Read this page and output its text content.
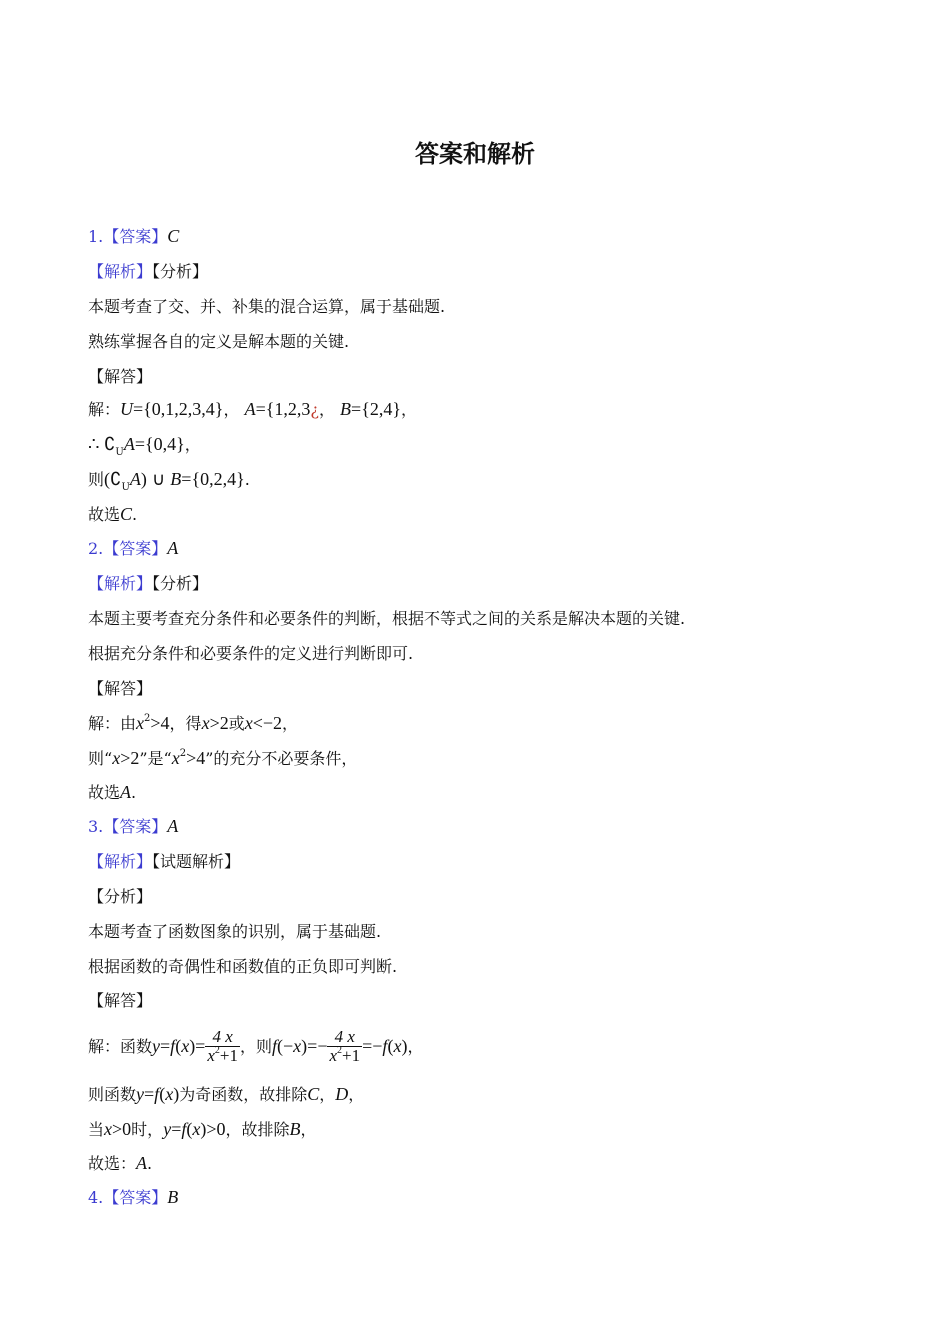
答案和解析
1.【答案】C
【解析】【分析】
本题考查了交、并、补集的混合运算，属于基础题.
熟练掌握各自的定义是解本题的关键.
【解答】
解：U={0,1,2,3,4}， A={1,2,3¿， B={2,4}，
∴ $∁_UA=\{0,4\}$，
则$(∁_UA)$ ∪ B={0,2,4}.
故选C.
2.【答案】A
【解析】【分析】
本题主要考查充分条件和必要条件的判断，根据不等式之间的关系是解决本题的关键.
根据充分条件和必要条件的定义进行判断即可.
【解答】
解：由$x^2>4$，得x>2或x<−2，
则“x>2”是“$x^2>4$”的充分不必要条件，
故选A.
3.【答案】A
【解析】【试题解析】
【分析】
本题考查了函数图象的识别，属于基础题.
根据函数的奇偶性和函数值的正负即可判断.
【解答】
解：函数$y=f(x)= \frac{4 x}{x^2+1}$ ，则$f(-x)=- \frac{4 x}{x^2+1} =-f(x)$，
则函数y=f(x)为奇函数，故排除C，D，
当x>0时，y=f(x)>0，故排除B，
故选：A.
4.【答案】B
